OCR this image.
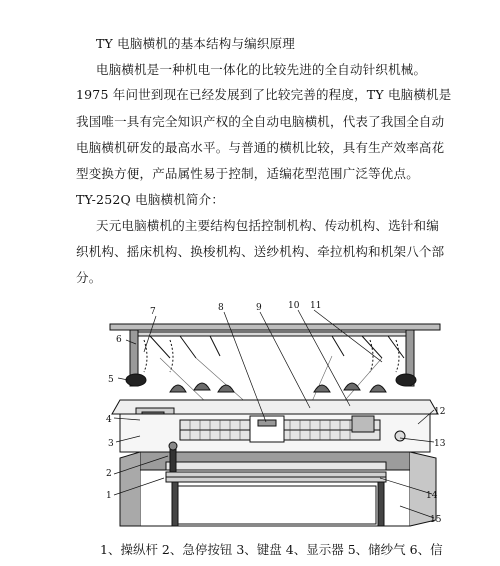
TY 电脑横机的基本结构与编织原理
电脑横机是一种机电一体化的比较先进的全自动针织机械。
1975 年问世到现在已经发展到了比较完善的程度，TY 电脑横机是
我国唯一具有完全知识产权的全自动电脑横机，代表了我国全自动
电脑横机研发的最高水平。与普通的横机比较，具有生产效率高花
型变换方便，产品属性易于控制，适编花型范围广泛等优点。
TY-252Q 电脑横机简介：
天元电脑横机的主要结构包括控制机构、传动机构、选针和编
织机构、摇床机构、换梭机构、送纱机构、牵拉机构和机架八个部
分。
1
2
3
4
5
6
7	8	9	10 11
12
13
14
15
1、操纵杆 2、急停按钮 3、键盘 4、显示器 5、储纱气 6、信
